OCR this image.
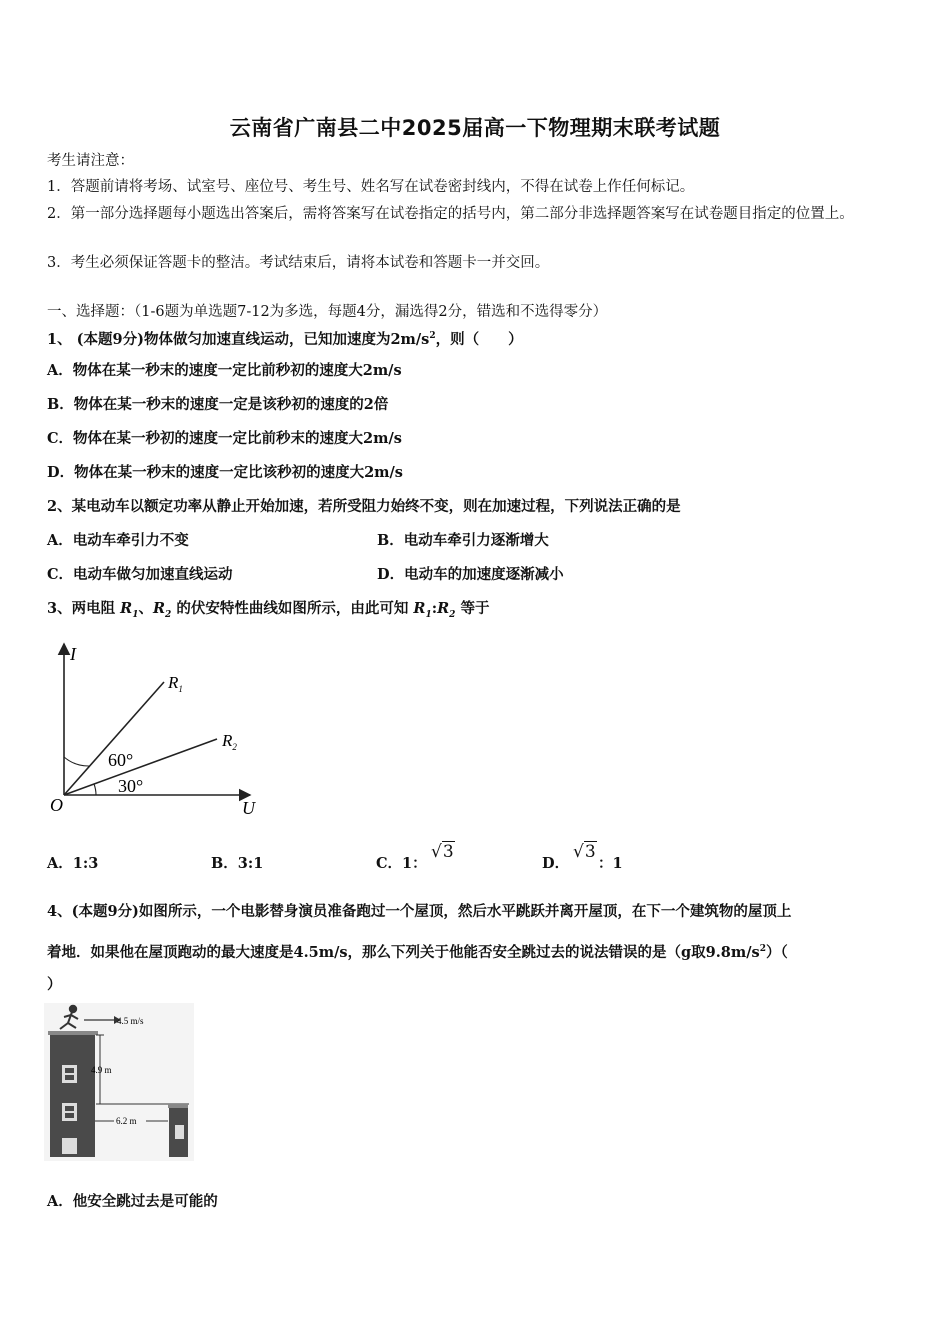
云南省广南县二中2025届高一下物理期末联考试题
考生请注意：
1．答题前请将考场、试室号、座位号、考生号、姓名写在试卷密封线内，不得在试卷上作任何标记。
2．第一部分选择题每小题选出答案后，需将答案写在试卷指定的括号内，第二部分非选择题答案写在试卷题目指定的位置上。
3．考生必须保证答题卡的整洁。考试结束后，请将本试卷和答题卡一并交回。
一、选择题：（1-6题为单选题7-12为多选，每题4分，漏选得2分，错选和不选得零分）
1、 (本题9分)物体做匀加速直线运动，已知加速度为$2m/s^2$，则（　　）
A．物体在某一秒末的速度一定比前秒初的速度大2m/s
B．物体在某一秒末的速度一定是该秒初的速度的2倍
C．物体在某一秒初的速度一定比前秒末的速度大2m/s
D．物体在某一秒末的速度一定比该秒初的速度大2m/s
2、某电动车以额定功率从静止开始加速，若所受阻力始终不变，则在加速过程，下列说法正确的是
A．电动车牵引力不变	B．电动车牵引力逐渐增大
C．电动车做匀加速直线运动	D．电动车的加速度逐渐减小
3、两电阻 $R_1$、$R_2$ 的伏安特性曲线如图所示，由此可知 $R_1:R_2$ 等于
I
U
O
$R_1$
$R_2$
60°
30°
A．1:3	B．3:1	C．1：
√3
D．
√3
：1
4、(本题9分)如图所示，一个电影替身演员准备跑过一个屋顶，然后水平跳跃并离开屋顶，在下一个建筑物的屋顶上
着地．如果他在屋顶跑动的最大速度是4.5m/s，那么下列关于他能否安全跳过去的说法错误的是（g取$9.8m/s^2$）（
）
4.5 m/s
4.9 m
6.2 m
A．他安全跳过去是可能的
